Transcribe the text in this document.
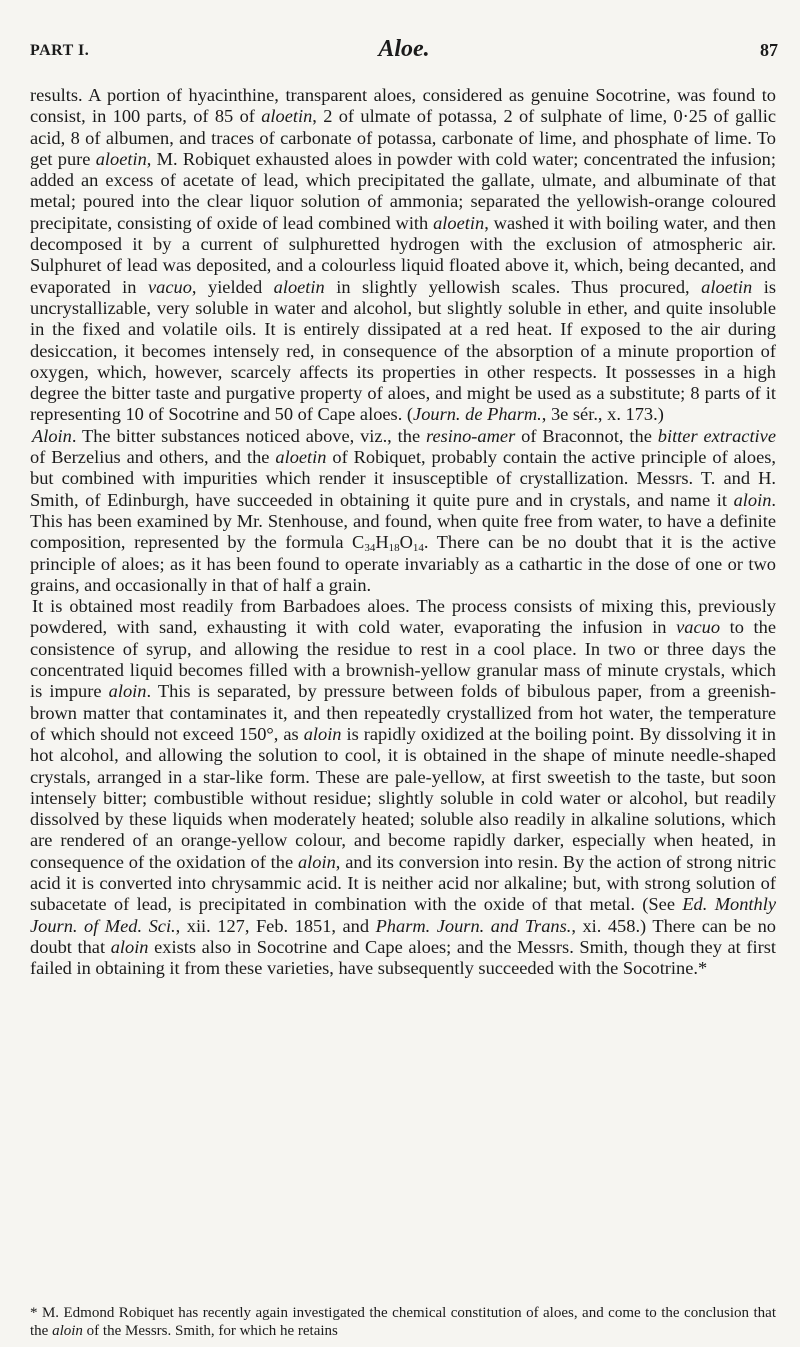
PART I.	Aloe.	87

results. A portion of hyacinthine, transparent aloes, considered as genuine Socotrine, was found to consist, in 100 parts, of 85 of aloetin, 2 of ulmate of potassa, 2 of sulphate of lime, 0·25 of gallic acid, 8 of albumen, and traces of carbonate of potassa, carbonate of lime, and phosphate of lime. To get pure aloetin, M. Robiquet exhausted aloes in powder with cold water; concentrated the infusion; added an excess of acetate of lead, which precipitated the gallate, ulmate, and albuminate of that metal; poured into the clear liquor solution of ammonia; separated the yellowish-orange coloured precipitate, consisting of oxide of lead combined with aloetin, washed it with boiling water, and then decomposed it by a current of sulphuretted hydrogen with the exclusion of atmospheric air. Sulphuret of lead was deposited, and a colourless liquid floated above it, which, being decanted, and evaporated in vacuo, yielded aloetin in slightly yellowish scales. Thus procured, aloetin is uncrystallizable, very soluble in water and alcohol, but slightly soluble in ether, and quite insoluble in the fixed and volatile oils. It is entirely dissipated at a red heat. If exposed to the air during desiccation, it becomes intensely red, in consequence of the absorption of a minute proportion of oxygen, which, however, scarcely affects its properties in other respects. It possesses in a high degree the bitter taste and purgative property of aloes, and might be used as a substitute; 8 parts of it representing 10 of Socotrine and 50 of Cape aloes. (Journ. de Pharm., 3e sér., x. 173.)

Aloin. The bitter substances noticed above, viz., the resino-amer of Braconnot, the bitter extractive of Berzelius and others, and the aloetin of Robiquet, probably contain the active principle of aloes, but combined with impurities which render it insusceptible of crystallization. Messrs. T. and H. Smith, of Edinburgh, have succeeded in obtaining it quite pure and in crystals, and name it aloin. This has been examined by Mr. Stenhouse, and found, when quite free from water, to have a definite composition, represented by the formula $C_{34}H_{18}O_{14}$. There can be no doubt that it is the active principle of aloes; as it has been found to operate invariably as a cathartic in the dose of one or two grains, and occasionally in that of half a grain.

It is obtained most readily from Barbadoes aloes. The process consists of mixing this, previously powdered, with sand, exhausting it with cold water, evaporating the infusion in vacuo to the consistence of syrup, and allowing the residue to rest in a cool place. In two or three days the concentrated liquid becomes filled with a brownish-yellow granular mass of minute crystals, which is impure aloin. This is separated, by pressure between folds of bibulous paper, from a greenish-brown matter that contaminates it, and then repeatedly crystallized from hot water, the temperature of which should not exceed 150°, as aloin is rapidly oxidized at the boiling point. By dissolving it in hot alcohol, and allowing the solution to cool, it is obtained in the shape of minute needle-shaped crystals, arranged in a star-like form. These are pale-yellow, at first sweetish to the taste, but soon intensely bitter; combustible without residue; slightly soluble in cold water or alcohol, but readily dissolved by these liquids when moderately heated; soluble also readily in alkaline solutions, which are rendered of an orange-yellow colour, and become rapidly darker, especially when heated, in consequence of the oxidation of the aloin, and its conversion into resin. By the action of strong nitric acid it is converted into chrysammic acid. It is neither acid nor alkaline; but, with strong solution of subacetate of lead, is precipitated in combination with the oxide of that metal. (See Ed. Monthly Journ. of Med. Sci., xii. 127, Feb. 1851, and Pharm. Journ. and Trans., xi. 458.) There can be no doubt that aloin exists also in Socotrine and Cape aloes; and the Messrs. Smith, though they at first failed in obtaining it from these varieties, have subsequently succeeded with the Socotrine.*

* M. Edmond Robiquet has recently again investigated the chemical constitution of aloes, and come to the conclusion that the aloin of the Messrs. Smith, for which he retains
